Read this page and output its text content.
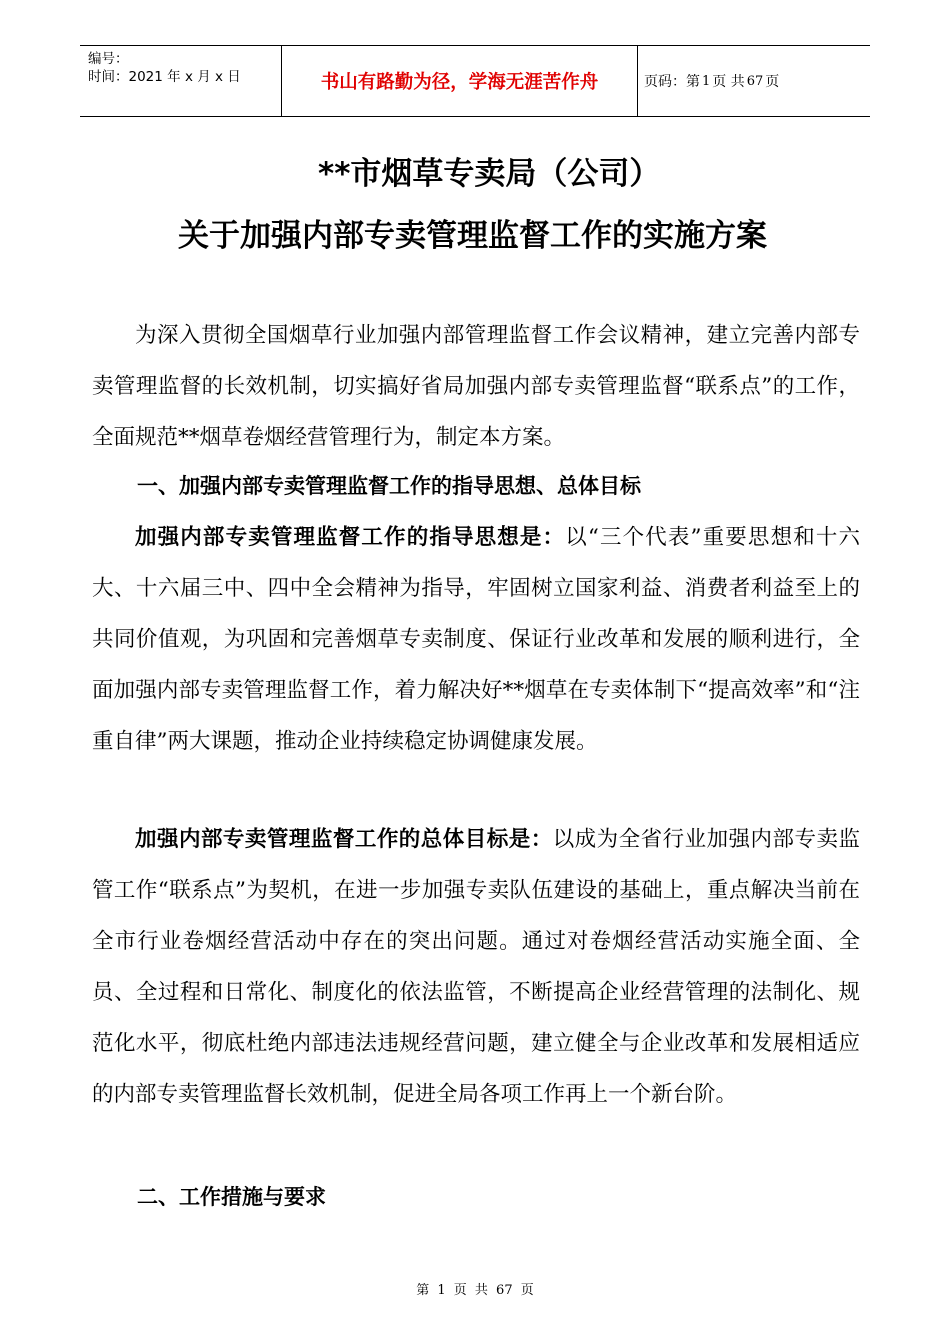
编号：
时间：2021 年 x 月 x 日	书山有路勤为径，学海无涯苦作舟	页码：第 1 页 共 67 页
**市烟草专卖局（公司）
关于加强内部专卖管理监督工作的实施方案
为深入贯彻全国烟草行业加强内部管理监督工作会议精神，建立完善内部专卖管理监督的长效机制，切实搞好省局加强内部专卖管理监督“联系点”的工作，全面规范**烟草卷烟经营管理行为，制定本方案。
一、加强内部专卖管理监督工作的指导思想、总体目标
加强内部专卖管理监督工作的指导思想是：以“三个代表”重要思想和十六大、十六届三中、四中全会精神为指导，牢固树立国家利益、消费者利益至上的共同价值观，为巩固和完善烟草专卖制度、保证行业改革和发展的顺利进行，全面加强内部专卖管理监督工作，着力解决好**烟草在专卖体制下“提高效率”和“注重自律”两大课题，推动企业持续稳定协调健康发展。
加强内部专卖管理监督工作的总体目标是：以成为全省行业加强内部专卖监管工作“联系点”为契机，在进一步加强专卖队伍建设的基础上，重点解决当前在全市行业卷烟经营活动中存在的突出问题。通过对卷烟经营活动实施全面、全员、全过程和日常化、制度化的依法监管，不断提高企业经营管理的法制化、规范化水平，彻底杜绝内部违法违规经营问题，建立健全与企业改革和发展相适应的内部专卖管理监督长效机制，促进全局各项工作再上一个新台阶。
二、工作措施与要求
第 1 页 共 67 页
